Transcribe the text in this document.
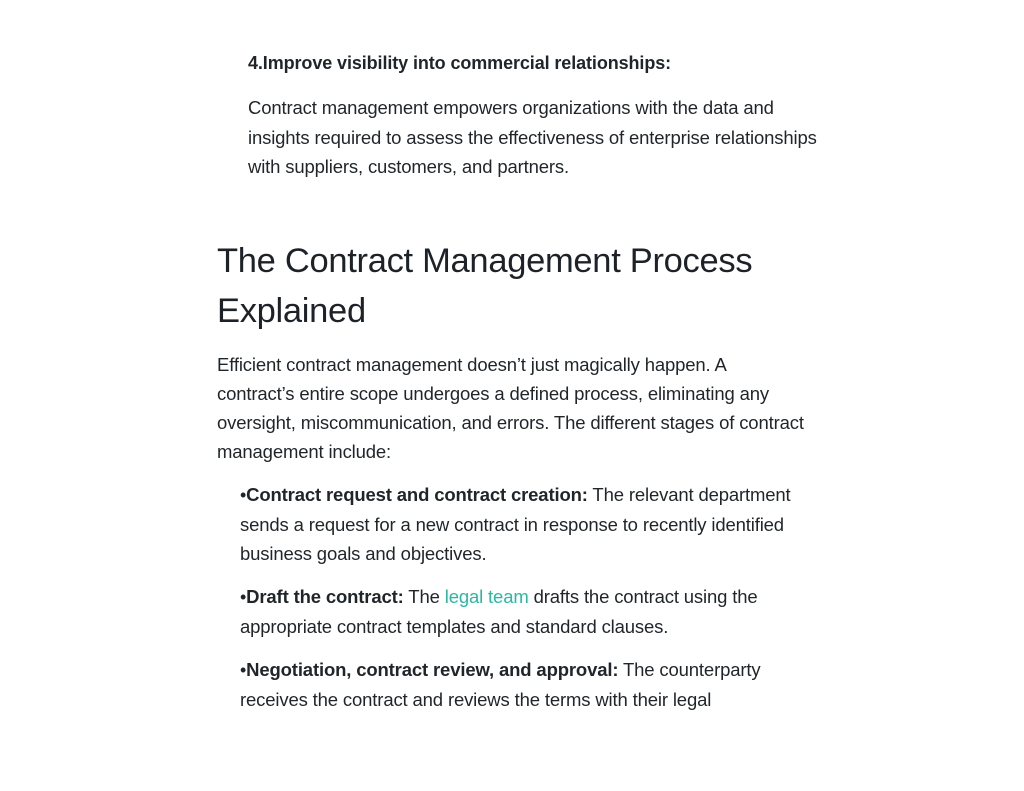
4.Improve visibility into commercial relationships:

Contract management empowers organizations with the data and insights required to assess the effectiveness of enterprise relationships with suppliers, customers, and partners.

The Contract Management Process Explained

Efficient contract management doesn’t just magically happen. A contract’s entire scope undergoes a defined process, eliminating any oversight, miscommunication, and errors. The different stages of contract management include:

•Contract request and contract creation: The relevant department sends a request for a new contract in response to recently identified business goals and objectives.
•Draft the contract: The legal team drafts the contract using the appropriate contract templates and standard clauses.
•Negotiation, contract review, and approval: The counterparty receives the contract and reviews the terms with their legal
